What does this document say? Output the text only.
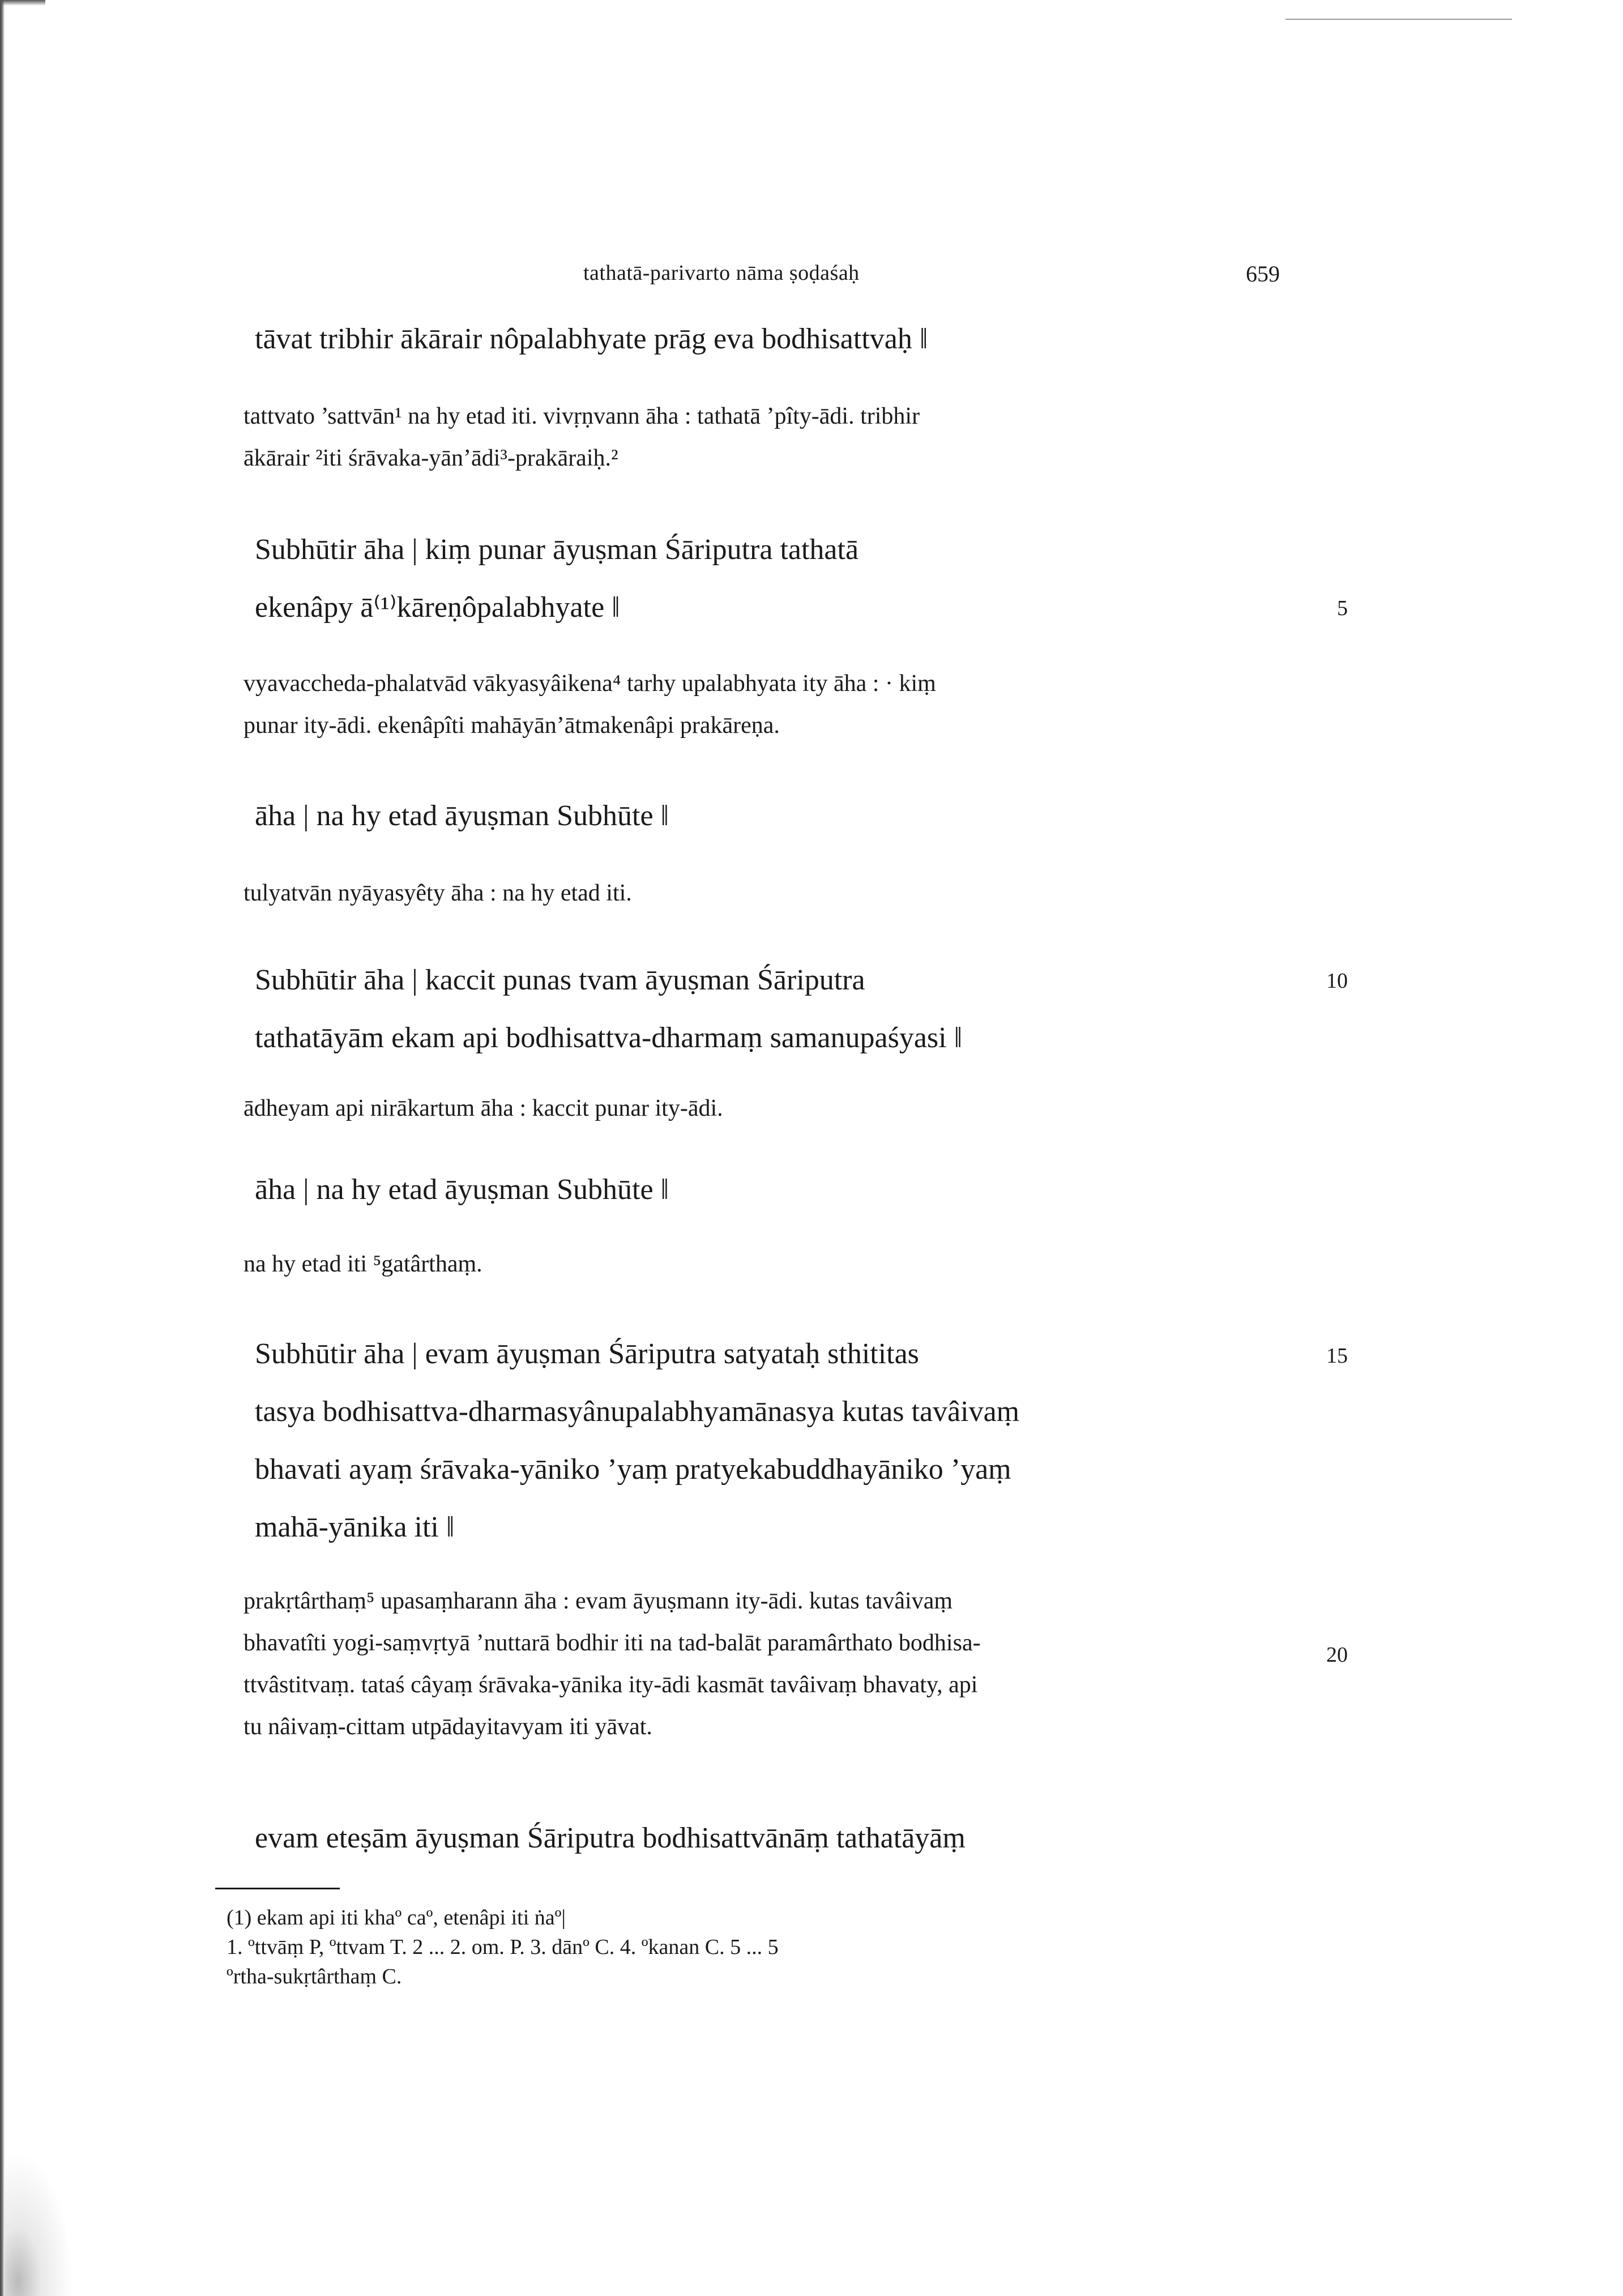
tathatā-parivarto nāma ṣoḍaśaḥ	659

tāvat tribhir ākārair nôpalabhyate prāg eva bodhisattvaḥ ‖

tattvato ’sattvān¹ na hy etad iti. vivṛṇvann āha : tathatā ’pîty-ādi. tribhir
ākārair ²iti śrāvaka-yān’ādi³-prakāraiḥ.²

Subhūtir āha | kiṃ punar āyuṣman Śāriputra tathatā
ekenâpy ā⁽¹⁾kāreṇôpalabhyate ‖	5

vyavaccheda-phalatvād vākyasyâikena⁴ tarhy upalabhyata ity āha : · kiṃ
punar ity-ādi. ekenâpîti mahāyān’ātmakenâpi prakāreṇa.

āha | na hy etad āyuṣman Subhūte ‖

tulyatvān nyāyasyêty āha : na hy etad iti.

Subhūtir āha | kaccit punas tvam āyuṣman Śāriputra
tathatāyām ekam api bodhisattva-dharmaṃ samanupaśyasi ‖

10

ādheyam api nirākartum āha : kaccit punar ity-ādi.

āha | na hy etad āyuṣman Subhūte ‖

na hy etad iti ⁵gatârthaṃ.

Subhūtir āha | evam āyuṣman Śāriputra satyataḥ sthititas
tasya bodhisattva-dharmasyânupalabhyamānasya kutas tavâivaṃ
bhavati ayaṃ śrāvaka-yāniko ’yaṃ pratyekabuddhayāniko ’yaṃ
mahā-yānika iti ‖

15

prakṛtârthaṃ⁵ upasaṃharann āha : evam āyuṣmann ity-ādi. kutas tavâivaṃ
bhavatîti yogi-saṃvṛtyā ’nuttarā bodhir iti na tad-balāt paramârthato bodhisa-
ttvâstitvaṃ. tataś câyaṃ śrāvaka-yānika ity-ādi kasmāt tavâivaṃ bhavaty, api
tu nâivaṃ-cittam utpādayitavyam iti yāvat.

20

evam eteṣām āyuṣman Śāriputra bodhisattvānāṃ tathatāyāṃ

(1) ekam api iti khaº caº, etenâpi iti ṅaº|
1. ºttvāṃ P, ºttvam T. 2 ... 2. om. P. 3. dānº C. 4. ºkanan C. 5 ... 5
ºrtha-sukṛtârthaṃ C.
